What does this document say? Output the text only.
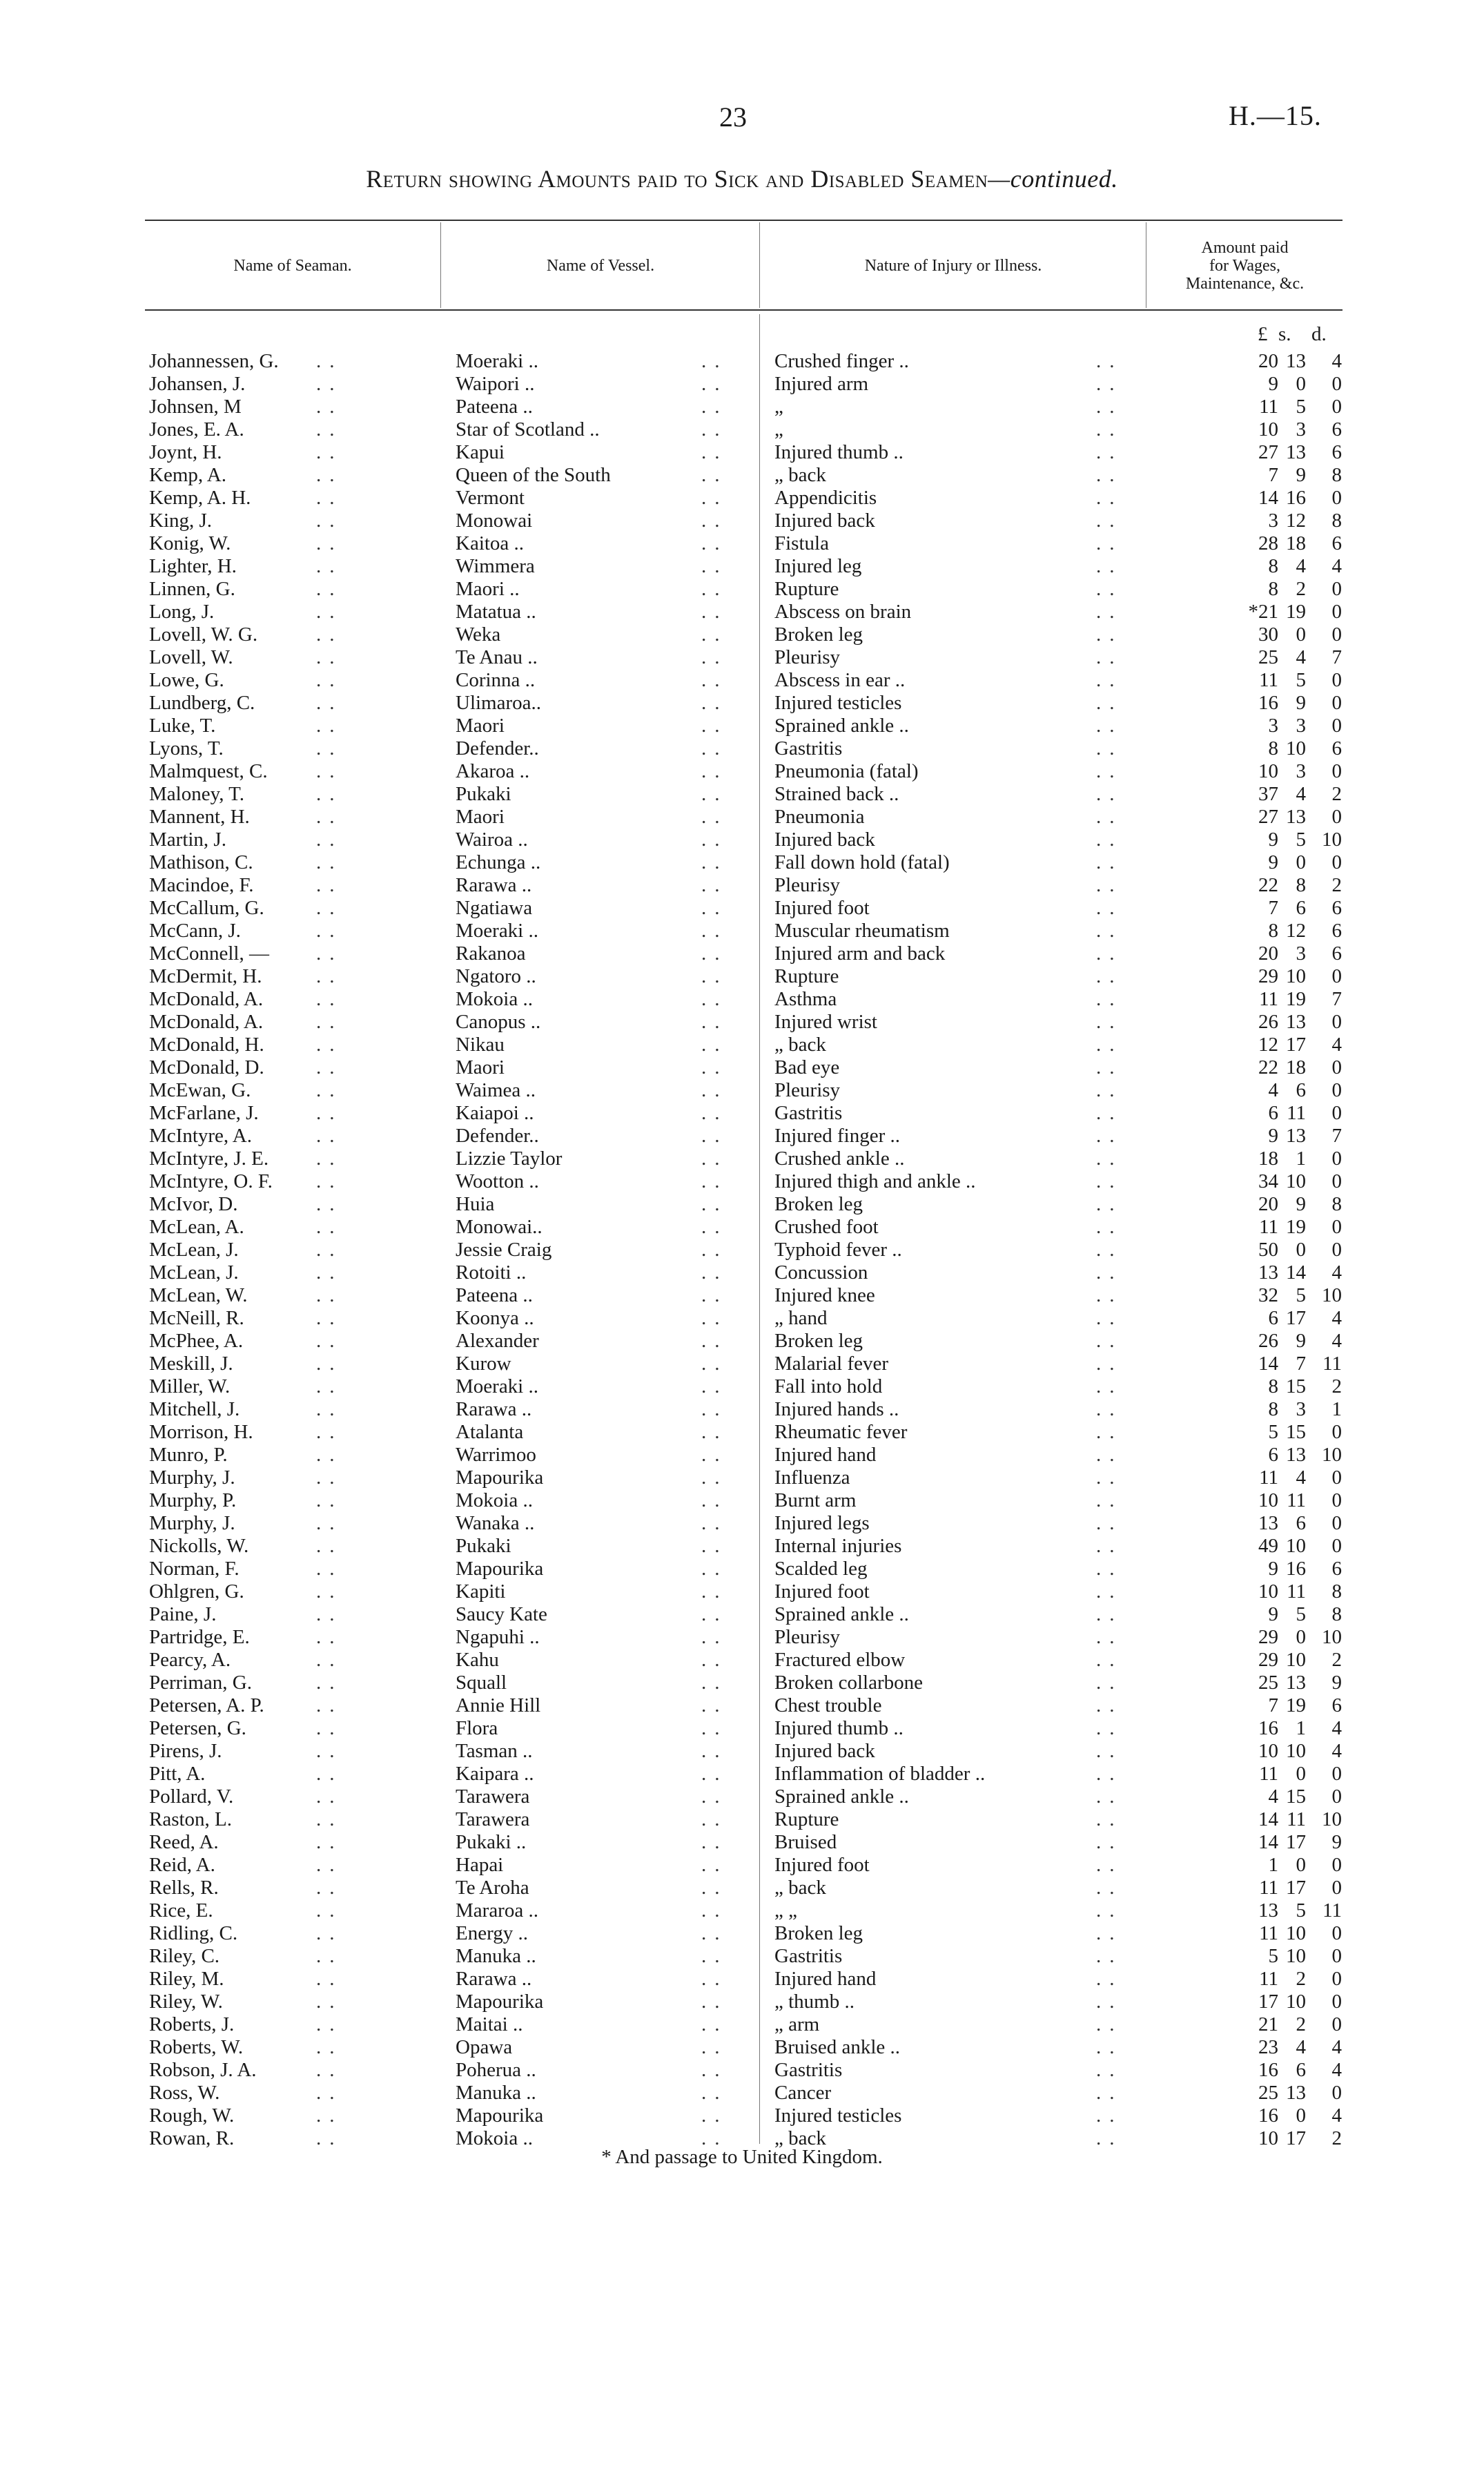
23	H.—15.
Return showing Amounts paid to Sick and Disabled Seamen—continued.
Name of Seaman.	Name of Vessel.	Nature of Injury or Illness.
Amount paid
for Wages,
Maintenance, &c.
£ s. d.
Johannessen, G. ..	Moeraki ..	.. Crushed finger ..	..	20 13	4
Johansen, J.	..	Waipori ..	.. Injured arm	..	9 0	0
Johnsen, M	..	Pateena ..	.. „	..	11 5	0
Jones, E. A.	..	Star of Scotland ..	.. „	..	10 3	6
Joynt, H.	..	Kapui	.. Injured thumb ..	..	27 13	6
Kemp, A.	..	Queen of the South	.. „ back	..	7 9	8
Kemp, A. H.	..	Vermont	.. Appendicitis	..	14 16	0
King, J.	..	Monowai	.. Injured back	..	3 12	8
Konig, W.	..	Kaitoa ..	.. Fistula	..	28 18	6
Lighter, H.	..	Wimmera	.. Injured leg	..	8 4	4
Linnen, G.	..	Maori ..	.. Rupture	..	8 2	0
Long, J.	..	Matatua ..	.. Abscess on brain	..	*21 19	0
Lovell, W. G.	..	Weka	.. Broken leg	..	30 0	0
Lovell, W.	..	Te Anau ..	.. Pleurisy	..	25 4	7
Lowe, G.	..	Corinna ..	.. Abscess in ear ..	..	11 5	0
Lundberg, C.	..	Ulimaroa..	.. Injured testicles	..	16 9	0
Luke, T.	..	Maori	.. Sprained ankle ..	..	3 3	0
Lyons, T.	..	Defender..	.. Gastritis	..	8 10	6
Malmquest, C. ..	Akaroa ..	.. Pneumonia (fatal)	..	10 3	0
Maloney, T.	..	Pukaki	.. Strained back ..	..	37 4	2
Mannent, H.	..	Maori	.. Pneumonia	..	27 13	0
Martin, J.	..	Wairoa ..	.. Injured back	..	9 5 10
Mathison, C.	..	Echunga ..	.. Fall down hold (fatal)	..	9 0	0
Macindoe, F.	..	Rarawa ..	.. Pleurisy	..	22 8	2
McCallum, G.	..	Ngatiawa	.. Injured foot	..	7 6	6
McCann, J.	..	Moeraki ..	.. Muscular rheumatism	..	8 12	6
McConnell, — ..	Rakanoa	.. Injured arm and back	..	20 3	6
McDermit, H.	..	Ngatoro ..	.. Rupture	..	29 10	0
McDonald, A.	..	Mokoia ..	.. Asthma	..	11 19	7
McDonald, A.	..	Canopus ..	.. Injured wrist	..	26 13	0
McDonald, H.	..	Nikau	.. „ back	..	12 17	4
McDonald, D.	..	Maori	.. Bad eye	..	22 18	0
McEwan, G.	..	Waimea ..	.. Pleurisy	..	4 6	0
McFarlane, J.	..	Kaiapoi ..	.. Gastritis	..	6 11	0
McIntyre, A.	..	Defender..	.. Injured finger ..	..	9 13	7
McIntyre, J. E. ..	Lizzie Taylor	.. Crushed ankle ..	..	18 1	0
McIntyre, O. F. ..	Wootton ..	.. Injured thigh and ankle ..	..	34 10	0
McIvor, D.	..	Huia	.. Broken leg	..	20 9	8
McLean, A.	..	Monowai..	.. Crushed foot	..	11 19	0
McLean, J.	..	Jessie Craig	.. Typhoid fever ..	..	50 0	0
McLean, J.	..	Rotoiti ..	.. Concussion	..	13 14	4
McLean, W.	..	Pateena ..	.. Injured knee	..	32 5 10
McNeill, R.	..	Koonya ..	.. „ hand	..	6 17	4
McPhee, A.	..	Alexander	.. Broken leg	..	26 9	4
Meskill, J.	..	Kurow	.. Malarial fever	..	14 7 11
Miller, W.	..	Moeraki ..	.. Fall into hold	..	8 15	2
Mitchell, J.	..	Rarawa ..	.. Injured hands ..	..	8 3	1
Morrison, H.	..	Atalanta	.. Rheumatic fever	..	5 15	0
Munro, P.	..	Warrimoo	.. Injured hand	..	6 13 10
Murphy, J.	..	Mapourika	.. Influenza	..	11 4	0
Murphy, P.	..	Mokoia ..	.. Burnt arm	..	10 11	0
Murphy, J.	..	Wanaka ..	.. Injured legs	..	13 6	0
Nickolls, W.	..	Pukaki	.. Internal injuries	..	49 10	0
Norman, F.	..	Mapourika	.. Scalded leg	..	9 16	6
Ohlgren, G.	..	Kapiti	.. Injured foot	..	10 11	8
Paine, J.	..	Saucy Kate	.. Sprained ankle ..	..	9 5	8
Partridge, E.	..	Ngapuhi ..	.. Pleurisy	..	29 0 10
Pearcy, A.	..	Kahu	.. Fractured elbow	..	29 10	2
Perriman, G.	..	Squall	.. Broken collarbone	..	25 13	9
Petersen, A. P.	..	Annie Hill	.. Chest trouble	..	7 19	6
Petersen, G.	..	Flora	.. Injured thumb ..	..	16 1	4
Pirens, J.	..	Tasman ..	.. Injured back	..	10 10	4
Pitt, A.	..	Kaipara ..	.. Inflammation of bladder ..	..	11 0	0
Pollard, V.	..	Tarawera	.. Sprained ankle ..	..	4 15	0
Raston, L.	..	Tarawera	.. Rupture	..	14 11 10
Reed, A.	..	Pukaki ..	.. Bruised	..	14 17	9
Reid, A.	..	Hapai	.. Injured foot	..	1 0	0
Rells, R.	..	Te Aroha	.. „ back	..	11 17	0
Rice, E.	..	Mararoa ..	.. „ „	..	13 5 11
Ridling, C.	..	Energy ..	.. Broken leg	..	11 10	0
Riley, C.	..	Manuka ..	.. Gastritis	..	5 10	0
Riley, M.	..	Rarawa ..	.. Injured hand	..	11 2	0
Riley, W.	..	Mapourika	.. „ thumb ..	..	17 10	0
Roberts, J.	..	Maitai ..	.. „ arm	..	21 2	0
Roberts, W.	..	Opawa	.. Bruised ankle ..	..	23 4	4
Robson, J. A.	..	Poherua ..	.. Gastritis	..	16 6	4
Ross, W.	..	Manuka ..	.. Cancer	..	25 13	0
Rough, W.	..	Mapourika	.. Injured testicles	..	16 0	4
Rowan, R.	..	Mokoia ..	.. „ back	..	10 17	2
* And passage to United Kingdom.
